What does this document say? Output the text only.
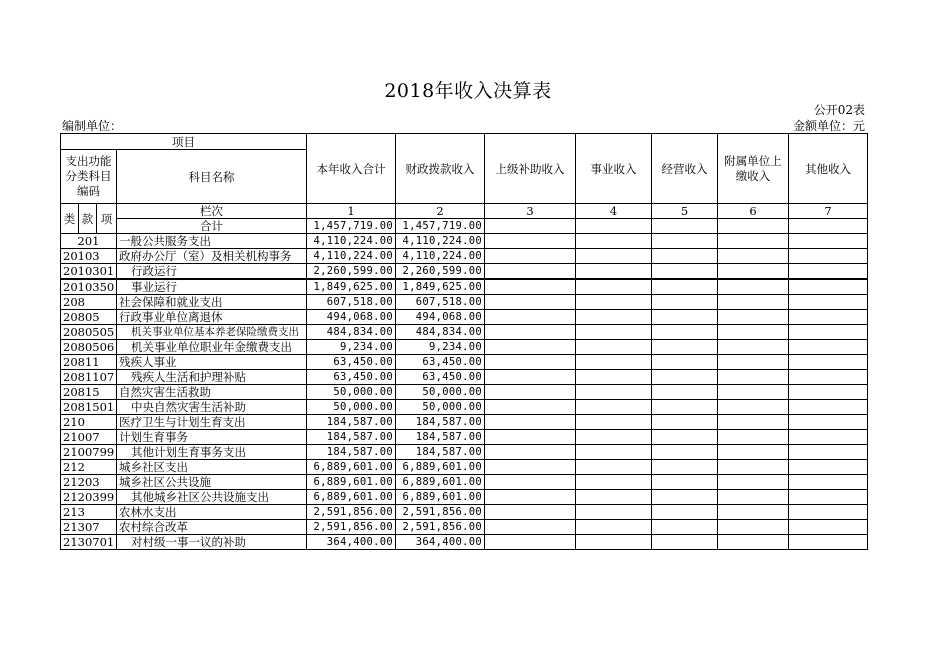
2018年收入决算表
公开02表
编制单位：	金额单位：元
项目				本年收入合计	财政拨款收入	上级补助收入	事业收入	经营收入	附属单位上缴收入	其他收入
支出功能分类科目编码			科目名称							
类	款	项	栏次	1	2	3	4	5	6	7
			合计	1,457,719.00	1,457,719.00					
201			一般公共服务支出	4,110,224.00	4,110,224.00					
20103			政府办公厅（室）及相关机构事务	4,110,224.00	4,110,224.00					
2010301			行政运行	2,260,599.00	2,260,599.00					
2010350			事业运行	1,849,625.00	1,849,625.00					
208			社会保障和就业支出	607,518.00	607,518.00					
20805			行政事业单位离退休	494,068.00	494,068.00					
2080505			机关事业单位基本养老保险缴费支出	484,834.00	484,834.00					
2080506			机关事业单位职业年金缴费支出	9,234.00	9,234.00					
20811			残疾人事业	63,450.00	63,450.00					
2081107			残疾人生活和护理补贴	63,450.00	63,450.00					
20815			自然灾害生活救助	50,000.00	50,000.00					
2081501			中央自然灾害生活补助	50,000.00	50,000.00					
210			医疗卫生与计划生育支出	184,587.00	184,587.00					
21007			计划生育事务	184,587.00	184,587.00					
2100799			其他计划生育事务支出	184,587.00	184,587.00					
212			城乡社区支出	6,889,601.00	6,889,601.00					
21203			城乡社区公共设施	6,889,601.00	6,889,601.00					
2120399			其他城乡社区公共设施支出	6,889,601.00	6,889,601.00					
213			农林水支出	2,591,856.00	2,591,856.00					
21307			农村综合改革	2,591,856.00	2,591,856.00					
2130701			对村级一事一议的补助	364,400.00	364,400.00					
